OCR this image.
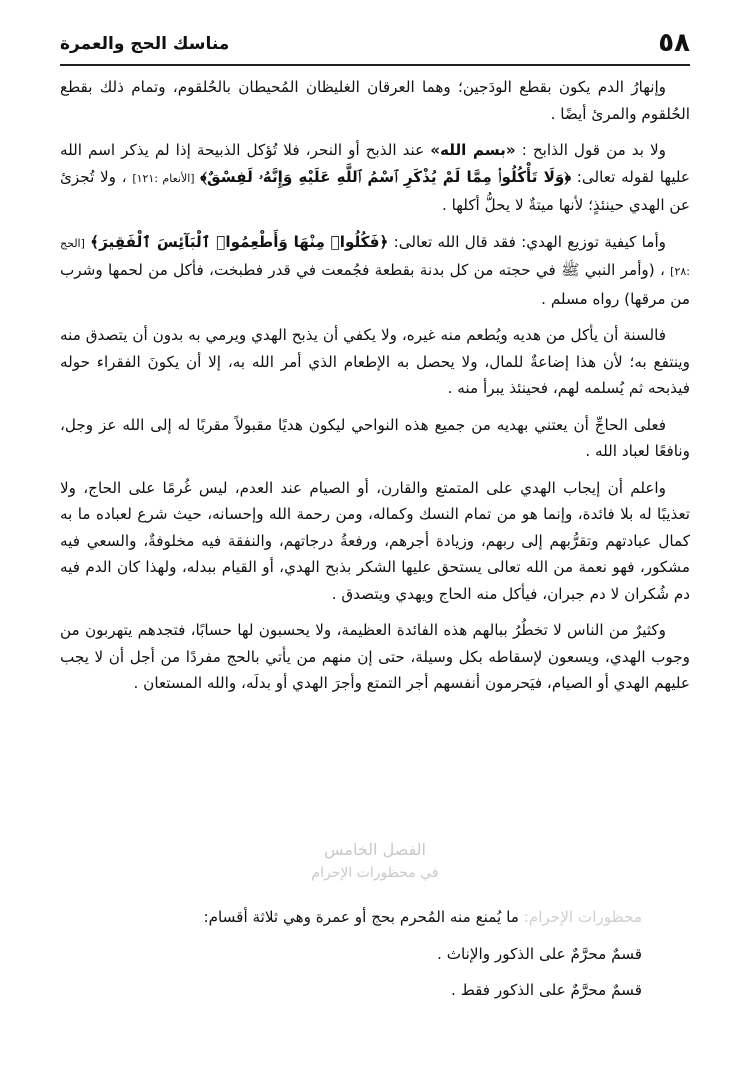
٥٨
مناسك الحج والعمرة

وإنهارُ الدم يكون بقطع الودَجين؛ وهما العرقان الغليظان المُحيطان بالحُلقوم، وتمام ذلك بقطع الحُلقوم والمرئ أيضًا .

ولا بد من قول الذابح : «بسم الله» عند الذبح أو النحر، فلا تُؤكل الذبيحة إذا لم يذكر اسم الله عليها لقوله تعالى: ﴿وَلَا تَأْكُلُوا۟ مِمَّا لَمْ يُذْكَرِ ٱسْمُ ٱللَّهِ عَلَيْهِ وَإِنَّهُۥ لَفِسْقٌ﴾ [الأنعام :١٢١] ، ولا تُجزئ عن الهدي حينئذٍ؛ لأنها ميتةٌ لا يحلُّ أكلها .

وأما كيفية توزيع الهدي: فقد قال الله تعالى: ﴿فَكُلُوا۟ مِنْهَا وَأَطْعِمُوا۟ ٱلْبَآئِسَ ٱلْفَقِيرَ﴾ [الحج :٢٨] ، (وأمر النبي ﷺ في حجته من كل بدنة بقطعة فجُمعت في قدر فطبخت، فأكل من لحمها وشرب من مرقها) رواه مسلم .

فالسنة أن يأكل من هديه ويُطعم منه غيره، ولا يكفي أن يذبح الهدي ويرمي به بدون أن يتصدق منه وينتفع به؛ لأن هذا إضاعةٌ للمال، ولا يحصل به الإطعام الذي أمر الله به، إلا أن يكونَ الفقراء حوله فيذبحه ثم يُسلمه لهم، فحينئذ يبرأ منه .

فعلى الحاجِّ أن يعتني بهديه من جميع هذه النواحي ليكون هديًا مقبولاً مقربًا له إلى الله عز وجل، ونافعًا لعباد الله .

واعلم أن إيجاب الهدي على المتمتع والقارن، أو الصيام عند العدم، ليس غُرمًا على الحاج، ولا تعذيبًا له بلا فائدة، وإنما هو من تمام النسك وكماله، ومن رحمة الله وإحسانه، حيث شرع لعباده ما به كمال عبادتهم وتقرُّبهم إلى ربهم، وزيادة أجرهم، ورفعةُ درجاتهم، والنفقة فيه مخلوفةٌ، والسعي فيه مشكور، فهو نعمة من الله تعالى يستحق عليها الشكر بذبح الهدي، أو القيام ببدله، ولهذا كان الدم فيه دم شُكران لا دم جبران، فيأكل منه الحاج ويهدي ويتصدق .

وكثيرٌ من الناس لا تخطُرُ ببالهم هذه الفائدة العظيمة، ولا يحسبون لها حسابًا، فتجدهم يتهربون من وجوب الهدي، ويسعون لإسقاطه بكل وسيلة، حتى إن منهم من يأتي بالحج مفردًا من أجل أن لا يجب عليهم الهدي أو الصيام، فيَحرمون أنفسهم أجر التمتع وأجرَ الهدي أو بدلَه، والله المستعان .

الفصل الخامس
في محظورات الإحرام

محظورات الإحرام: ما يُمنع منه المُحرم بحج أو عمرة وهي ثلاثة أقسام:

قسمٌ محرَّمٌ على الذكور والإناث .

قسمٌ محرَّمٌ على الذكور فقط .
